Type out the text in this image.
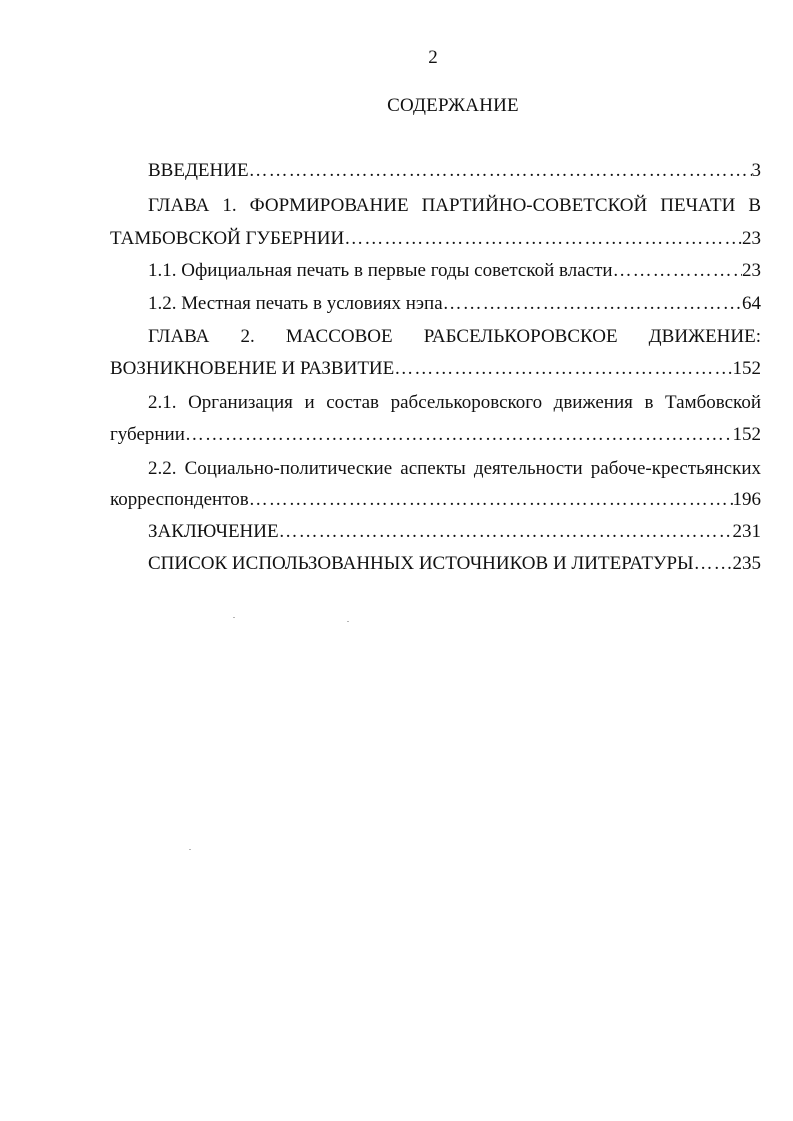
2
СОДЕРЖАНИЕ
ВВЕДЕНИЕ ……………………………………………………………………………………………………………………………………	3
ГЛАВА 1. ФОРМИРОВАНИЕ ПАРТИЙНО-СОВЕТСКОЙ ПЕЧАТИ В
ТАМБОВСКОЙ ГУБЕРНИИ ……………………………………………………………………………………………………………………………………	23
1.1. Официальная печать в первые годы советской власти ……………………………………………………………………………………………………………………………………	23
1.2. Местная печать в условиях нэпа ……………………………………………………………………………………………………………………………………	64
ГЛАВА 2. МАССОВОЕ РАБСЕЛЬКОРОВСКОЕ ДВИЖЕНИЕ:
ВОЗНИКНОВЕНИЕ И РАЗВИТИЕ ……………………………………………………………………………………………………………………………………	152
2.1. Организация и состав рабселькоровского движения в Тамбовской
губернии ……………………………………………………………………………………………………………………………………	152
2.2. Социально-политические аспекты деятельности рабоче-крестьянских
корреспондентов ……………………………………………………………………………………………………………………………………	196
ЗАКЛЮЧЕНИЕ ……………………………………………………………………………………………………………………………………	231
СПИСОК ИСПОЛЬЗОВАННЫХ ИСТОЧНИКОВ И ЛИТЕРАТУРЫ …………………………………………………………………………………………………………………………………… 235
